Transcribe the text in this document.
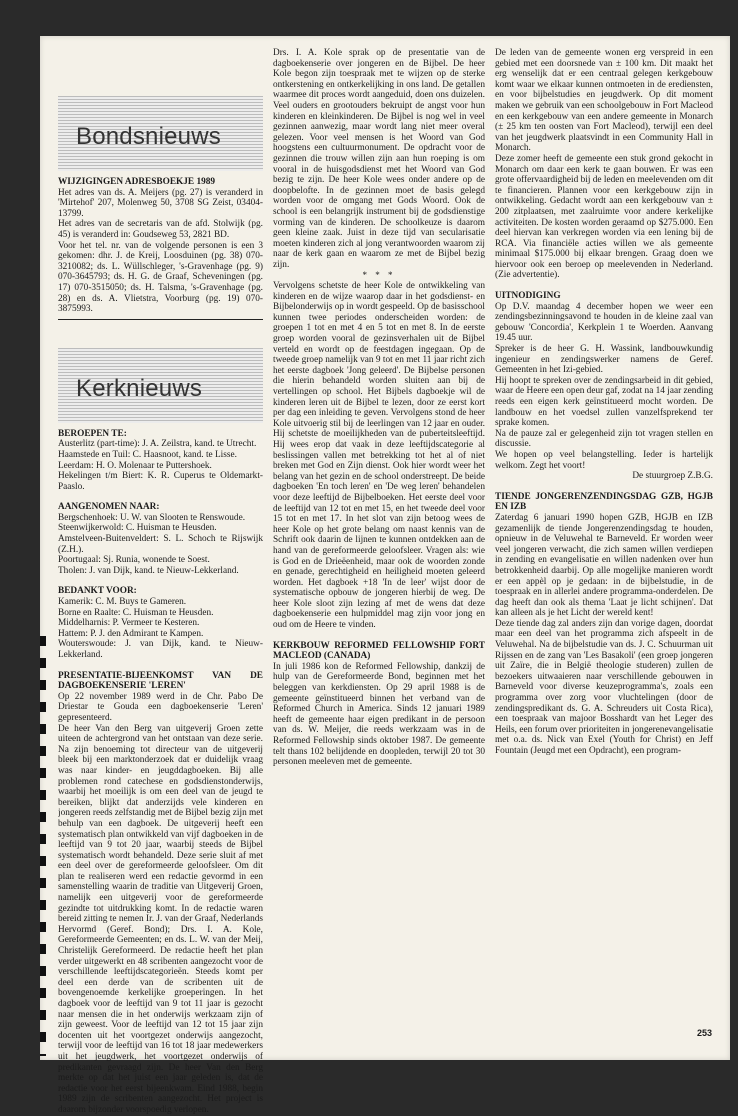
Bondsnieuws
WIJZIGINGEN ADRESBOEKJE 1989

Het adres van ds. A. Meijers (pg. 27) is veranderd in 'Mirtehof' 207, Molenweg 50, 3708 SG Zeist, 03404-13799.

Het adres van de secretaris van de afd. Stolwijk (pg. 45) is veranderd in: Goudseweg 53, 2821 BD.

Voor het tel. nr. van de volgende personen is een 3 gekomen: dhr. J. de Kreij, Loosduinen (pg. 38) 070-3210082; ds. L. Wüllschleger, 's-Gravenhage (pg. 9) 070-3645793; ds. H. G. de Graaf, Scheveningen (pg. 17) 070-3515050; ds. H. Talsma, 's-Gravenhage (pg. 28) en ds. A. Vlietstra, Voorburg (pg. 19) 070-3875993.

Kerknieuws
BEROEPEN TE:

Austerlitz (part-time): J. A. Zeilstra, kand. te Utrecht.

Haamstede en Tuil: C. Haasnoot, kand. te Lisse.

Leerdam: H. O. Molenaar te Puttershoek.

Hekelingen t/m Biert: K. R. Cuperus te Oldemarkt-Paaslo.

AANGENOMEN NAAR:

Bergschenhoek: U. W. van Slooten te Renswoude.

Steenwijkerwold: C. Huisman te Heusden.

Amstelveen-Buitenveldert: S. L. Schoch te Rijswijk (Z.H.).

Poortugaal: Sj. Runia, wonende te Soest.

Tholen: J. van Dijk, kand. te Nieuw-Lekkerland.

BEDANKT VOOR:

Kamerik: C. M. Buys te Gameren.

Borne en Raalte: C. Huisman te Heusden.

Middelharnis: P. Vermeer te Kesteren.

Hattem: P. J. den Admirant te Kampen.

Wouterswoude: J. van Dijk, kand. te Nieuw-Lekkerland.

PRESENTATIE-BIJEENKOMST VAN DE DAGBOEKENSERIE 'LEREN'

Op 22 november 1989 werd in de Chr. Pabo De Driestar te Gouda een dagboekenserie 'Leren' gepresenteerd.

De heer Van den Berg van uitgeverij Groen zette uiteen de achtergrond van het ontstaan van deze serie. Na zijn benoeming tot directeur van de uitgeverij bleek bij een marktonderzoek dat er duidelijk vraag was naar kinder- en jeugddagboeken. Bij alle problemen rond catechese en godsdienstonderwijs, waarbij het moeilijk is om een deel van de jeugd te bereiken, blijkt dat anderzijds vele kinderen en jongeren reeds zelfstandig met de Bijbel bezig zijn met behulp van een dagboek. De uitgeverij heeft een systematisch plan ontwikkeld van vijf dagboeken in de leeftijd van 9 tot 20 jaar, waarbij steeds de Bijbel systematisch wordt behandeld. Deze serie sluit af met een deel over de gereformeerde geloofsleer. Om dit plan te realiseren werd een redactie gevormd in een samenstelling waarin de traditie van Uitgeverij Groen, namelijk een uitgeverij voor de gereformeerde gezindte tot uitdrukking komt. In de redactie waren bereid zitting te nemen Ir. J. van der Graaf, Nederlands Hervormd (Geref. Bond); Drs. I. A. Kole, Gereformeerde Gemeenten; en ds. L. W. van der Meij, Christelijk Gereformeerd. De redactie heeft het plan verder uitgewerkt en 48 scribenten aangezocht voor de verschillende leeftijdscategorieën. Steeds komt per deel een derde van de scribenten uit de bovengenoemde kerkelijke groeperingen. In het dagboek voor de leeftijd van 9 tot 11 jaar is gezocht naar mensen die in het onderwijs werkzaam zijn of zijn geweest. Voor de leeftijd van 12 tot 15 jaar zijn docenten uit het voortgezet onderwijs aangezocht, terwijl voor de leeftijd van 16 tot 18 jaar medewerkers uit het jeugdwerk, het voortgezet onderwijs of predikanten gevraagd zijn. De heer Van den Berg merkte op dat het juist een jaar geleden is, dat de redactie voor het eerst bijeenkwam. Eind 1988, begin 1989 zijn de scribenten aangezocht. Het project is daarom bijzonder voorspoedig verlopen.

Drs. I. A. Kole sprak op de presentatie van de dagboekenserie over jongeren en de Bijbel. De heer Kole begon zijn toespraak met te wijzen op de sterke ontkerstening en ontkerkelijking in ons land. De getallen waarmee dit proces wordt aangeduid, doen ons duizelen. Veel ouders en grootouders bekruipt de angst voor hun kinderen en kleinkinderen. De Bijbel is nog wel in veel gezinnen aanwezig, maar wordt lang niet meer overal gelezen. Voor veel mensen is het Woord van God hoogstens een cultuurmonument. De opdracht voor de gezinnen die trouw willen zijn aan hun roeping is om vooral in de huisgodsdienst met het Woord van God bezig te zijn. De heer Kole wees onder andere op de doopbelofte. In de gezinnen moet de basis gelegd worden voor de omgang met Gods Woord. Ook de school is een belangrijk instrument bij de godsdienstige vorming van de kinderen. De schoolkeuze is daarom geen kleine zaak. Juist in deze tijd van secularisatie moeten kinderen zich al jong verantwoorden waarom zij naar de kerk gaan en waarom ze met de Bijbel bezig zijn.

* * *

Vervolgens schetste de heer Kole de ontwikkeling van kinderen en de wijze waarop daar in het godsdienst- en Bijbelonderwijs op in wordt gespeeld. Op de basisschool kunnen twee periodes onderscheiden worden: de groepen 1 tot en met 4 en 5 tot en met 8. In de eerste groep worden vooral de gezinsverhalen uit de Bijbel verteld en wordt op de feestdagen ingegaan. Op de tweede groep namelijk van 9 tot en met 11 jaar richt zich het eerste dagboek 'Jong geleerd'. De Bijbelse personen die hierin behandeld worden sluiten aan bij de vertellingen op school. Het Bijbels dagboekje wil de kinderen leren uit de Bijbel te lezen, door ze eerst kort per dag een inleiding te geven. Vervolgens stond de heer Kole uitvoerig stil bij de leerlingen van 12 jaar en ouder. Hij schetste de moeilijkheden van de puberteitsleeftijd. Hij wees erop dat vaak in deze leeftijdscategorie al beslissingen vallen met betrekking tot het al of niet breken met God en Zijn dienst. Ook hier wordt weer het belang van het gezin en de school onderstreept. De beide dagboeken 'En toch leren' en 'De weg leren' behandelen voor deze leeftijd de Bijbelboeken. Het eerste deel voor de leeftijd van 12 tot en met 15, en het tweede deel voor 15 tot en met 17. In het slot van zijn betoog wees de heer Kole op het grote belang om naast kennis van de Schrift ook daarin de lijnen te kunnen ontdekken aan de hand van de gereformeerde geloofsleer. Vragen als: wie is God en de Drieëenheid, maar ook de woorden zonde en genade, gerechtigheid en heiligheid moeten geleerd worden. Het dagboek +18 'In de leer' wijst door de systematische opbouw de jongeren hierbij de weg. De heer Kole sloot zijn lezing af met de wens dat deze dagboekenserie een hulpmiddel mag zijn voor jong en oud om de Heere te vinden.

KERKBOUW REFORMED FELLOWSHIP FORT MACLEOD (CANADA)

In juli 1986 kon de Reformed Fellowship, dankzij de hulp van de Gereformeerde Bond, beginnen met het beleggen van kerkdiensten. Op 29 april 1988 is de gemeente geïnstitueerd binnen het verband van de Reformed Church in America. Sinds 12 januari 1989 heeft de gemeente haar eigen predikant in de persoon van ds. W. Meijer, die reeds werkzaam was in de Reformed Fellowship sinds oktober 1987. De gemeente telt thans 102 belijdende en doopleden, terwijl 20 tot 30 personen meeleven met de gemeente.

De leden van de gemeente wonen erg verspreid in een gebied met een doorsnede van ± 100 km. Dit maakt het erg wenselijk dat er een centraal gelegen kerkgebouw komt waar we elkaar kunnen ontmoeten in de erediensten, en voor bijbelstudies en jeugdwerk. Op dit moment maken we gebruik van een schoolgebouw in Fort Macleod en een kerkgebouw van een andere gemeente in Monarch (± 25 km ten oosten van Fort Macleod), terwijl een deel van het jeugdwerk plaatsvindt in een Community Hall in Monarch.

Deze zomer heeft de gemeente een stuk grond gekocht in Monarch om daar een kerk te gaan bouwen. Er was een grote offervaardigheid bij de leden en meelevenden om dit te financieren. Plannen voor een kerkgebouw zijn in ontwikkeling. Gedacht wordt aan een kerkgebouw van ± 200 zitplaatsen, met zaalruimte voor andere kerkelijke activiteiten. De kosten worden geraamd op $275.000. Een deel hiervan kan verkregen worden via een lening bij de RCA. Via financiële acties willen we als gemeente minimaal $175.000 bij elkaar brengen. Graag doen we hiervoor ook een beroep op meelevenden in Nederland. (Zie advertentie).

UITNODIGING

Op D.V. maandag 4 december hopen we weer een zendingsbezinningsavond te houden in de kleine zaal van gebouw 'Concordia', Kerkplein 1 te Woerden. Aanvang 19.45 uur.

Spreker is de heer G. H. Wassink, landbouwkundig ingenieur en zendingswerker namens de Geref. Gemeenten in het Izi-gebied.

Hij hoopt te spreken over de zendingsarbeid in dit gebied, waar de Heere een open deur gaf, zodat na 14 jaar zending reeds een eigen kerk geïnstitueerd mocht worden. De landbouw en het voedsel zullen vanzelfsprekend ter sprake komen.

Na de pauze zal er gelegenheid zijn tot vragen stellen en discussie.

We hopen op veel belangstelling. Ieder is hartelijk welkom. Zegt het voort!

De stuurgroep Z.B.G.

TIENDE JONGERENZENDINGSDAG GZB, HGJB EN IZB

Zaterdag 6 januari 1990 hopen GZB, HGJB en IZB gezamenlijk de tiende Jongerenzendingsdag te houden, opnieuw in de Veluwehal te Barneveld. Er worden weer veel jongeren verwacht, die zich samen willen verdiepen in zending en evangelisatie en willen nadenken over hun betrokkenheid daarbij. Op alle mogelijke manieren wordt er een appèl op je gedaan: in de bijbelstudie, in de toespraak en in allerlei andere programma-onderdelen. De dag heeft dan ook als thema 'Laat je licht schijnen'. Dat kan alleen als je het Licht der wereld kent!

Deze tiende dag zal anders zijn dan vorige dagen, doordat maar een deel van het programma zich afspeelt in de Veluwehal. Na de bijbelstudie van ds. J. C. Schuurman uit Rijssen en de zang van 'Les Basakoli' (een groep jongeren uit Zaïre, die in België theologie studeren) zullen de bezoekers uitwaaieren naar verschillende gebouwen in Barneveld voor diverse keuzeprogramma's, zoals een programma over zorg voor vluchtelingen (door de zendingspredikant ds. G. A. Schreuders uit Costa Rica), een toespraak van majoor Bosshardt van het Leger des Heils, een forum over prioriteiten in jongerenevangelisatie met o.a. ds. Nick van Exel (Youth for Christ) en Jeff Fountain (Jeugd met een Opdracht), een program-

253
